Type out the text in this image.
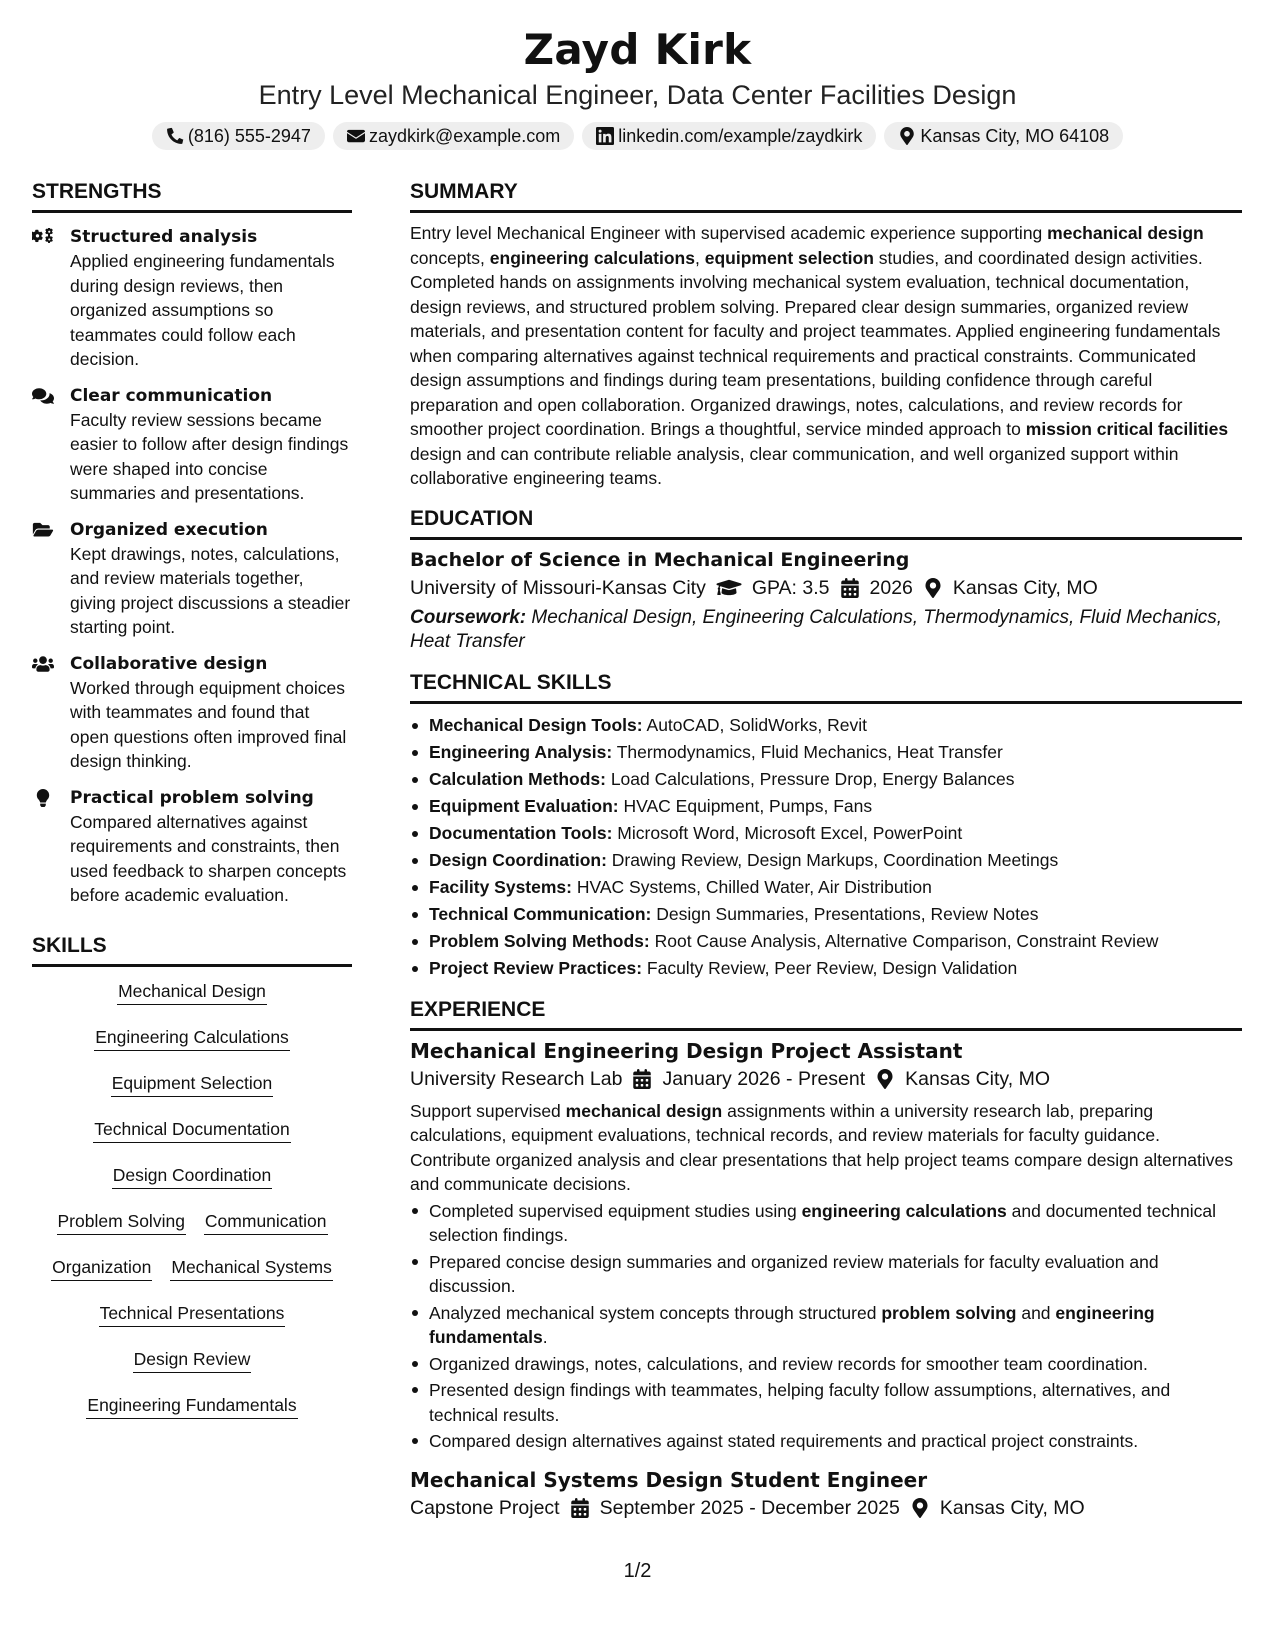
Zayd Kirk
Entry Level Mechanical Engineer, Data Center Facilities Design
(816) 555-2947	zaydkirk@example.com	linkedin.com/example/zaydkirk	Kansas City, MO 64108
STRENGTHS
Structured analysis
Applied engineering fundamentals during design reviews, then organized assumptions so teammates could follow each decision.
Clear communication
Faculty review sessions became easier to follow after design findings were shaped into concise summaries and presentations.
Organized execution
Kept drawings, notes, calculations, and review materials together, giving project discussions a steadier starting point.
Collaborative design
Worked through equipment choices with teammates and found that open questions often improved final design thinking.
Practical problem solving
Compared alternatives against requirements and constraints, then used feedback to sharpen concepts before academic evaluation.
SKILLS
Mechanical Design
Engineering Calculations
Equipment Selection
Technical Documentation
Design Coordination
Problem Solving Communication
Organization Mechanical Systems
Technical Presentations
Design Review
Engineering Fundamentals
SUMMARY
Entry level Mechanical Engineer with supervised academic experience supporting mechanical design concepts, engineering calculations, equipment selection studies, and coordinated design activities. Completed hands on assignments involving mechanical system evaluation, technical documentation, design reviews, and structured problem solving. Prepared clear design summaries, organized review materials, and presentation content for faculty and project teammates. Applied engineering fundamentals when comparing alternatives against technical requirements and practical constraints. Communicated design assumptions and findings during team presentations, building confidence through careful preparation and open collaboration. Organized drawings, notes, calculations, and review records for smoother project coordination. Brings a thoughtful, service minded approach to mission critical facilities design and can contribute reliable analysis, clear communication, and well organized support within collaborative engineering teams.
EDUCATION
Bachelor of Science in Mechanical Engineering
University of Missouri-Kansas City GPA: 3.5 2026 Kansas City, MO
Coursework: Mechanical Design, Engineering Calculations, Thermodynamics, Fluid Mechanics, Heat Transfer
TECHNICAL SKILLS
Mechanical Design Tools: AutoCAD, SolidWorks, Revit
Engineering Analysis: Thermodynamics, Fluid Mechanics, Heat Transfer
Calculation Methods: Load Calculations, Pressure Drop, Energy Balances
Equipment Evaluation: HVAC Equipment, Pumps, Fans
Documentation Tools: Microsoft Word, Microsoft Excel, PowerPoint
Design Coordination: Drawing Review, Design Markups, Coordination Meetings
Facility Systems: HVAC Systems, Chilled Water, Air Distribution
Technical Communication: Design Summaries, Presentations, Review Notes
Problem Solving Methods: Root Cause Analysis, Alternative Comparison, Constraint Review
Project Review Practices: Faculty Review, Peer Review, Design Validation
EXPERIENCE
Mechanical Engineering Design Project Assistant
University Research Lab January 2026 - Present Kansas City, MO
Support supervised mechanical design assignments within a university research lab, preparing calculations, equipment evaluations, technical records, and review materials for faculty guidance. Contribute organized analysis and clear presentations that help project teams compare design alternatives and communicate decisions.
Completed supervised equipment studies using engineering calculations and documented technical selection findings.
Prepared concise design summaries and organized review materials for faculty evaluation and discussion.
Analyzed mechanical system concepts through structured problem solving and engineering fundamentals.
Organized drawings, notes, calculations, and review records for smoother team coordination.
Presented design findings with teammates, helping faculty follow assumptions, alternatives, and technical results.
Compared design alternatives against stated requirements and practical project constraints.
Mechanical Systems Design Student Engineer
Capstone Project September 2025 - December 2025 Kansas City, MO
1/2
